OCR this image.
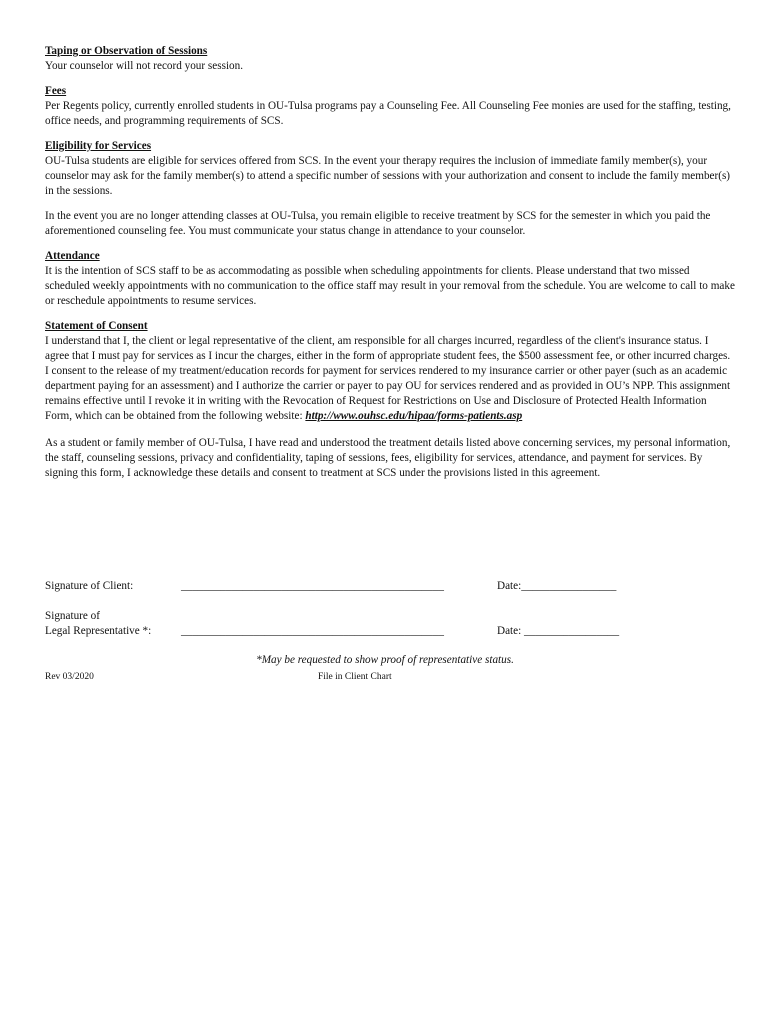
Taping or Observation of Sessions

Your counselor will not record your session.

Fees

Per Regents policy, currently enrolled students in OU-Tulsa programs pay a Counseling Fee. All Counseling Fee monies are used for the staffing, testing, office needs, and programming requirements of SCS.

Eligibility for Services

OU-Tulsa students are eligible for services offered from SCS. In the event your therapy requires the inclusion of immediate family member(s), your counselor may ask for the family member(s) to attend a specific number of sessions with your authorization and consent to include the family member(s) in the sessions.

In the event you are no longer attending classes at OU-Tulsa, you remain eligible to receive treatment by SCS for the semester in which you paid the aforementioned counseling fee. You must communicate your status change in attendance to your counselor.

Attendance

It is the intention of SCS staff to be as accommodating as possible when scheduling appointments for clients. Please understand that two missed scheduled weekly appointments with no communication to the office staff may result in your removal from the schedule. You are welcome to call to make or reschedule appointments to resume services.

Statement of Consent

I understand that I, the client or legal representative of the client, am responsible for all charges incurred, regardless of the client's insurance status. I agree that I must pay for services as I incur the charges, either in the form of appropriate student fees, the $500 assessment fee, or other incurred charges. I consent to the release of my treatment/education records for payment for services rendered to my insurance carrier or other payer (such as an academic department paying for an assessment) and I authorize the carrier or payer to pay OU for services rendered and as provided in OU’s NPP. This assignment remains effective until I revoke it in writing with the Revocation of Request for Restrictions on Use and Disclosure of Protected Health Information Form, which can be obtained from the following website: http://www.ouhsc.edu/hipaa/forms-patients.asp

As a student or family member of OU-Tulsa, I have read and understood the treatment details listed above concerning services, my personal information, the staff, counseling sessions, privacy and confidentiality, taping of sessions, fees, eligibility for services, attendance, and payment for services. By signing this form, I acknowledge these details and consent to treatment at SCS under the provisions listed in this agreement.

Signature of Client:	_______________________________________________	Date:_________________
Signature of
Legal Representative *:	_______________________________________________	Date: _________________
*May be requested to show proof of representative status.
Rev 03/2020	File in Client Chart
